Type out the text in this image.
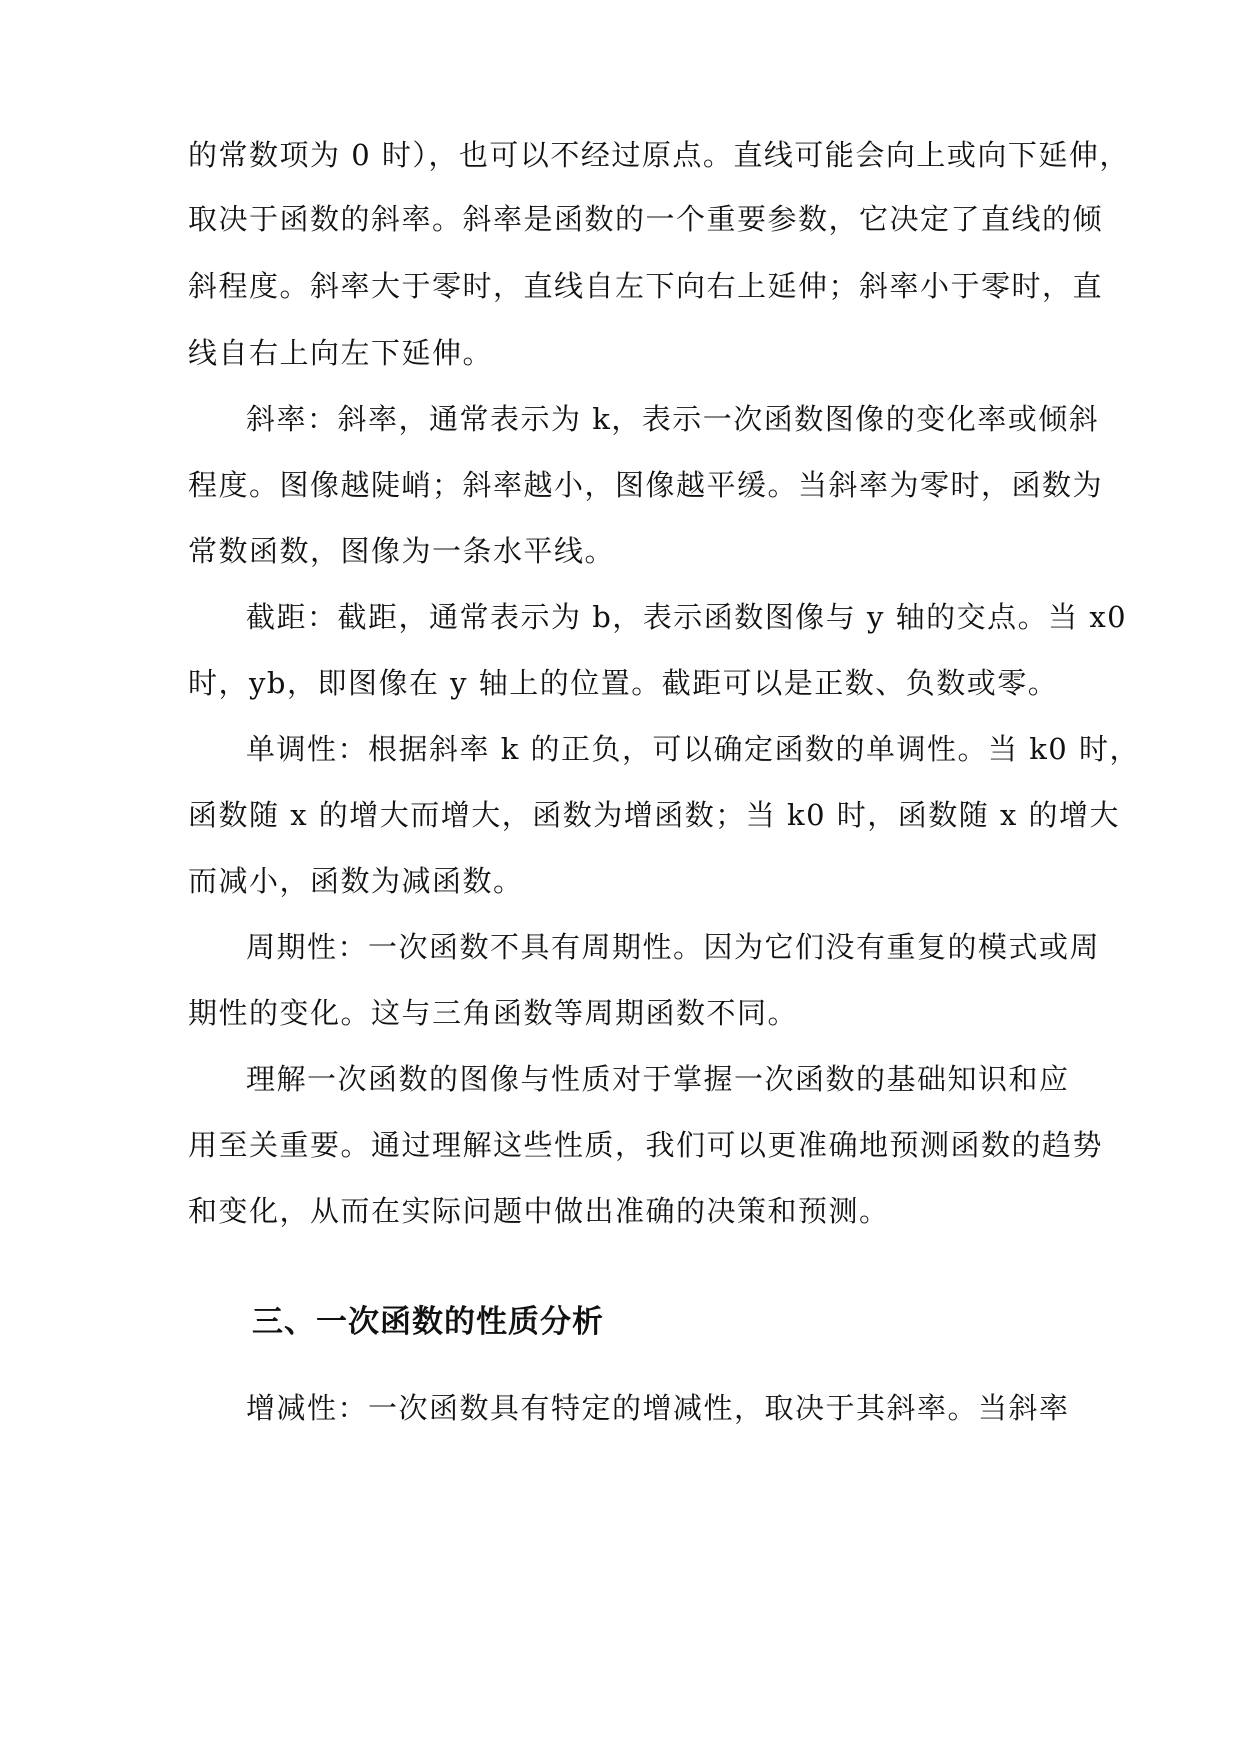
的常数项为 0 时），也可以不经过原点。直线可能会向上或向下延伸，
取决于函数的斜率。斜率是函数的一个重要参数，它决定了直线的倾
斜程度。斜率大于零时，直线自左下向右上延伸；斜率小于零时，直
线自右上向左下延伸。
斜率：斜率，通常表示为 k，表示一次函数图像的变化率或倾斜
程度。图像越陡峭；斜率越小，图像越平缓。当斜率为零时，函数为
常数函数，图像为一条水平线。
截距：截距，通常表示为 b，表示函数图像与 y 轴的交点。当 x0
时，yb，即图像在 y 轴上的位置。截距可以是正数、负数或零。
单调性：根据斜率 k 的正负，可以确定函数的单调性。当 k0 时，
函数随 x 的增大而增大，函数为增函数；当 k0 时，函数随 x 的增大
而减小，函数为减函数。
周期性：一次函数不具有周期性。因为它们没有重复的模式或周
期性的变化。这与三角函数等周期函数不同。
理解一次函数的图像与性质对于掌握一次函数的基础知识和应
用至关重要。通过理解这些性质，我们可以更准确地预测函数的趋势
和变化，从而在实际问题中做出准确的决策和预测。
三、一次函数的性质分析
增减性：一次函数具有特定的增减性，取决于其斜率。当斜率
